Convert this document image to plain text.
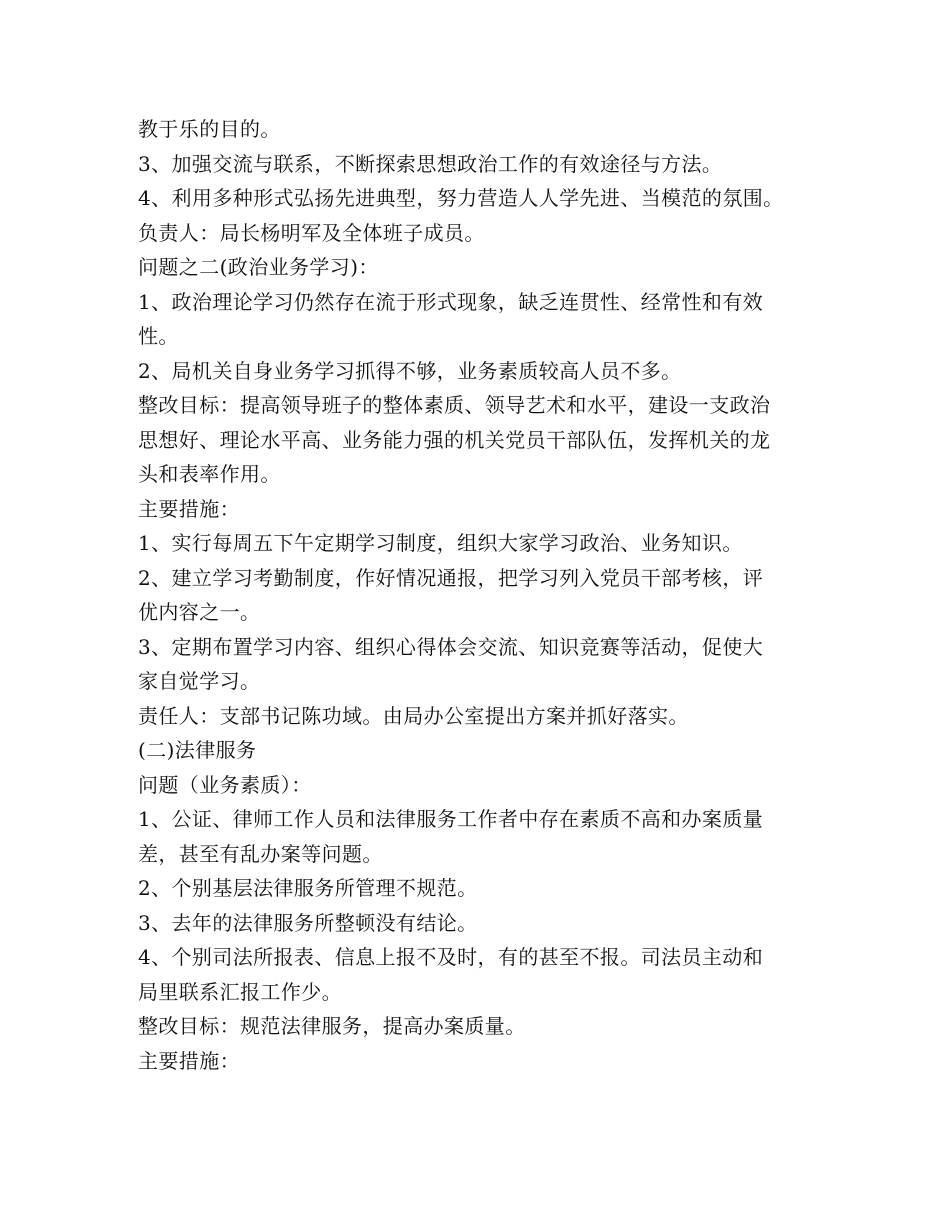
教于乐的目的。
3、加强交流与联系，不断探索思想政治工作的有效途径与方法。
4、利用多种形式弘扬先进典型，努力营造人人学先进、当模范的氛围。
负责人：局长杨明军及全体班子成员。
问题之二(政治业务学习)：
1、政治理论学习仍然存在流于形式现象，缺乏连贯性、经常性和有效
性。
2、局机关自身业务学习抓得不够，业务素质较高人员不多。
整改目标：提高领导班子的整体素质、领导艺术和水平，建设一支政治
思想好、理论水平高、业务能力强的机关党员干部队伍，发挥机关的龙
头和表率作用。
主要措施：
1、实行每周五下午定期学习制度，组织大家学习政治、业务知识。
2、建立学习考勤制度，作好情况通报，把学习列入党员干部考核，评
优内容之一。
3、定期布置学习内容、组织心得体会交流、知识竞赛等活动，促使大
家自觉学习。
责任人：支部书记陈功域。由局办公室提出方案并抓好落实。
(二)法律服务
问题（业务素质）：
1、公证、律师工作人员和法律服务工作者中存在素质不高和办案质量
差，甚至有乱办案等问题。
2、个别基层法律服务所管理不规范。
3、去年的法律服务所整顿没有结论。
4、个别司法所报表、信息上报不及时，有的甚至不报。司法员主动和
局里联系汇报工作少。
整改目标：规范法律服务，提高办案质量。
主要措施：
